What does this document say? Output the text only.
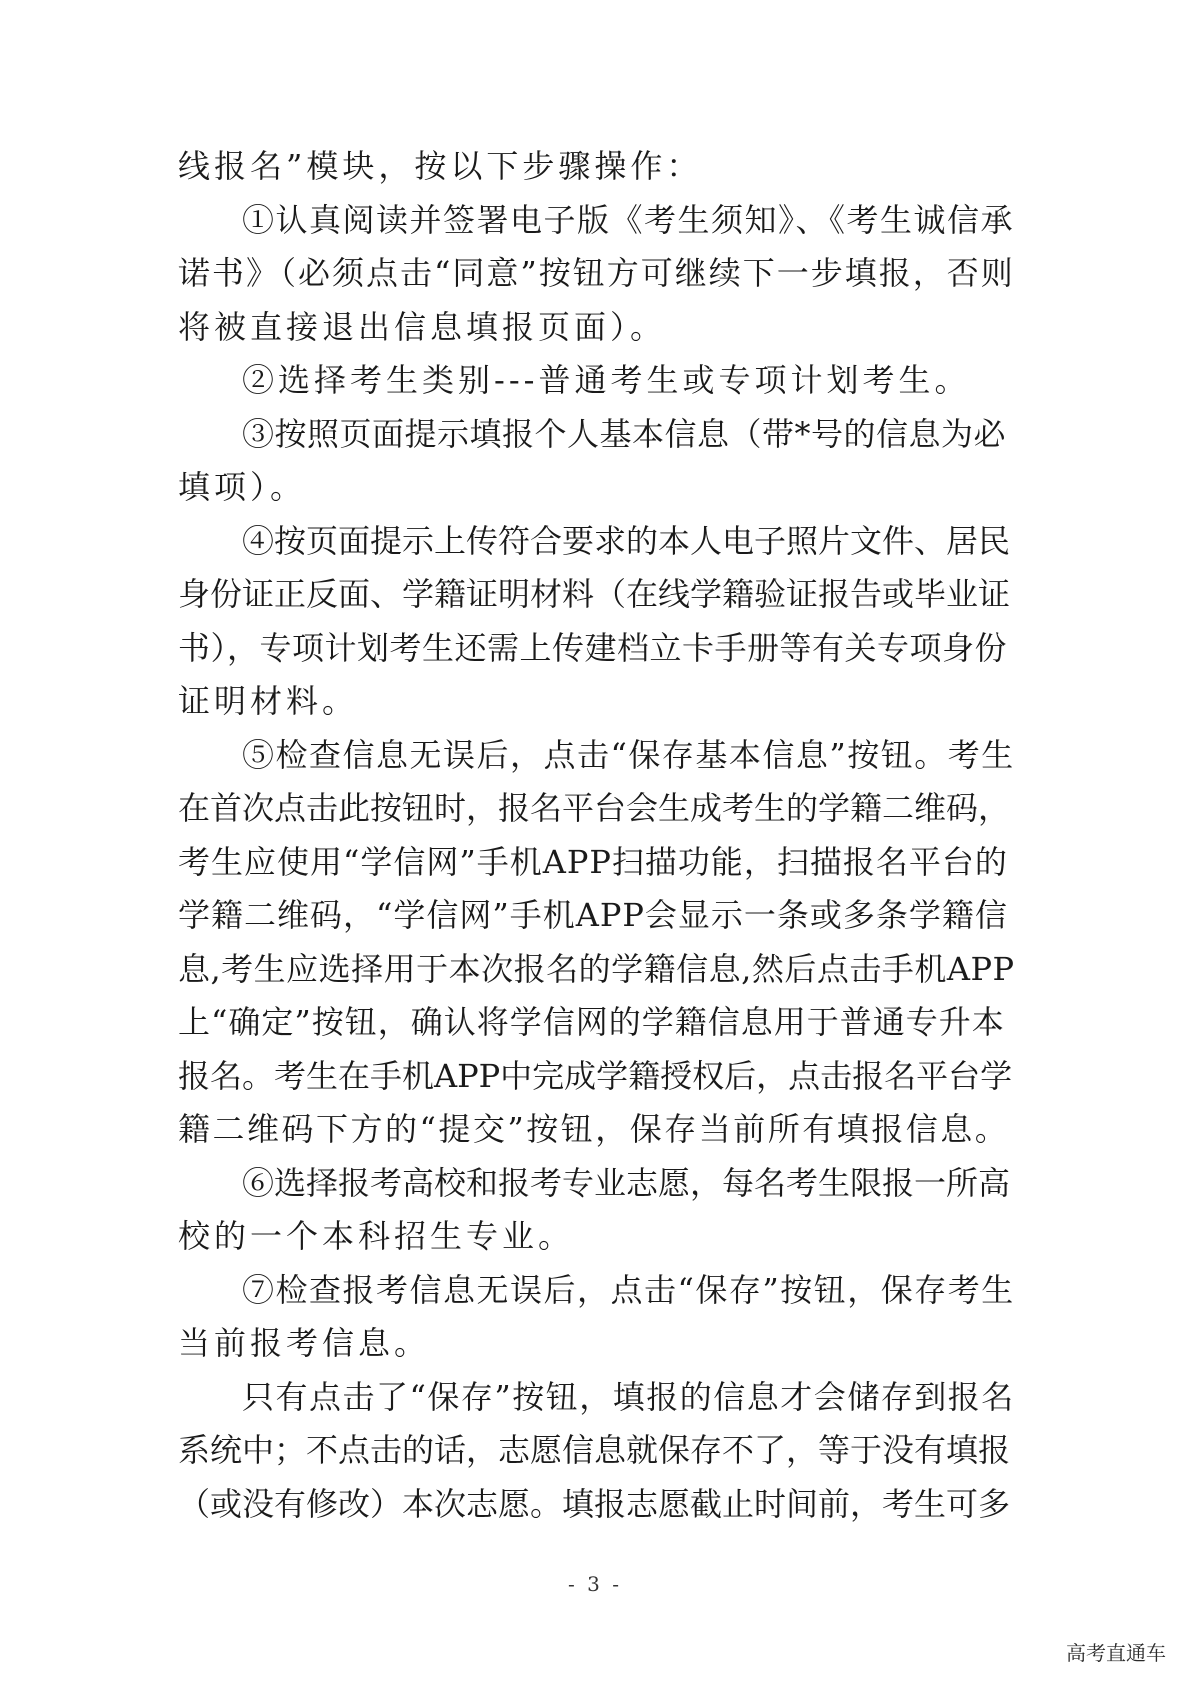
线报名”模块，按以下步骤操作：
①认真阅读并签署电子版《考生须知》、《考生诚信承
诺书》（必须点击“同意”按钮方可继续下一步填报，否则
将被直接退出信息填报页面）。
②选择考生类别---普通考生或专项计划考生。
③按照页面提示填报个人基本信息（带*号的信息为必
填项）。
④按页面提示上传符合要求的本人电子照片文件、居民
身份证正反面、学籍证明材料（在线学籍验证报告或毕业证
书），专项计划考生还需上传建档立卡手册等有关专项身份
证明材料。
⑤检查信息无误后，点击“保存基本信息”按钮。考生
在首次点击此按钮时，报名平台会生成考生的学籍二维码，
考生应使用“学信网”手机APP扫描功能，扫描报名平台的
学籍二维码，“学信网”手机APP会显示一条或多条学籍信
息,考生应选择用于本次报名的学籍信息,然后点击手机APP
上“确定”按钮，确认将学信网的学籍信息用于普通专升本
报名。考生在手机APP中完成学籍授权后，点击报名平台学
籍二维码下方的“提交”按钮，保存当前所有填报信息。
⑥选择报考高校和报考专业志愿，每名考生限报一所高
校的一个本科招生专业。
⑦检查报考信息无误后，点击“保存”按钮，保存考生
当前报考信息。
只有点击了“保存”按钮，填报的信息才会储存到报名
系统中；不点击的话，志愿信息就保存不了，等于没有填报
（或没有修改）本次志愿。填报志愿截止时间前，考生可多
- 3 -
高考直通车
